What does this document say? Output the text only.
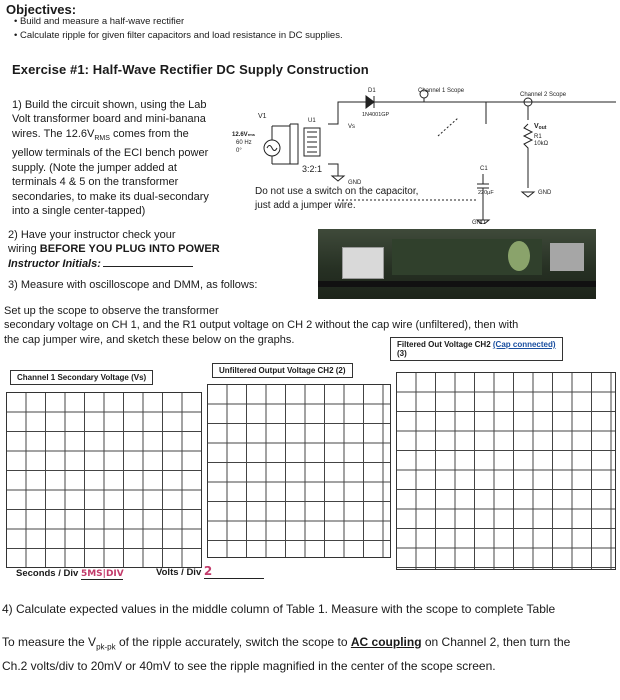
Objectives:
• Build and measure a half-wave rectifier
• Calculate ripple for given filter capacitors and load resistance in DC supplies.
Exercise #1: Half-Wave Rectifier DC Supply Construction
1) Build the circuit shown, using the Lab
Volt transformer board and mini-banana
wires. The $12.6V_{RMS}$ comes from the
yellow terminals of the ECI bench power
supply. (Note the jumper added at
terminals 4 & 5 on the transformer
secondaries, to make its dual-secondary
into a single center-tapped)
V1
12.6Vrms
60 Hz
0°
U1
Vs
D1
1N4001GP
3:2:1
GND
Channel 1 Scope
Channel 2 Scope
Vout
R1
10kΩ
C1
220µF	GND
GND
Do not use a switch on the capacitor, just add a jumper wire.
2) Have your instructor check your
wiring BEFORE YOU PLUG INTO POWER
Instructor Initials:
3) Measure with oscilloscope and DMM, as follows:
Set up the scope to observe the transformer
secondary voltage on CH 1, and the R1 output voltage on CH 2 without the cap wire (unfiltered), then with
the cap jumper wire, and sketch these below on the graphs.
Channel 1 Secondary Voltage (Vs)
Unfiltered Output Voltage CH2 (2)
Filtered Out Voltage CH2 (Cap connected)
(3)
Seconds / Div 5MS|DIV	Volts / Div 2
4) Calculate expected values in the middle column of Table 1. Measure with the scope to complete Table
To measure the $V_{pk-pk}$ of the ripple accurately, switch the scope to AC coupling on Channel 2, then turn the
Ch.2 volts/div to 20mV or 40mV to see the ripple magnified in the center of the scope screen.
